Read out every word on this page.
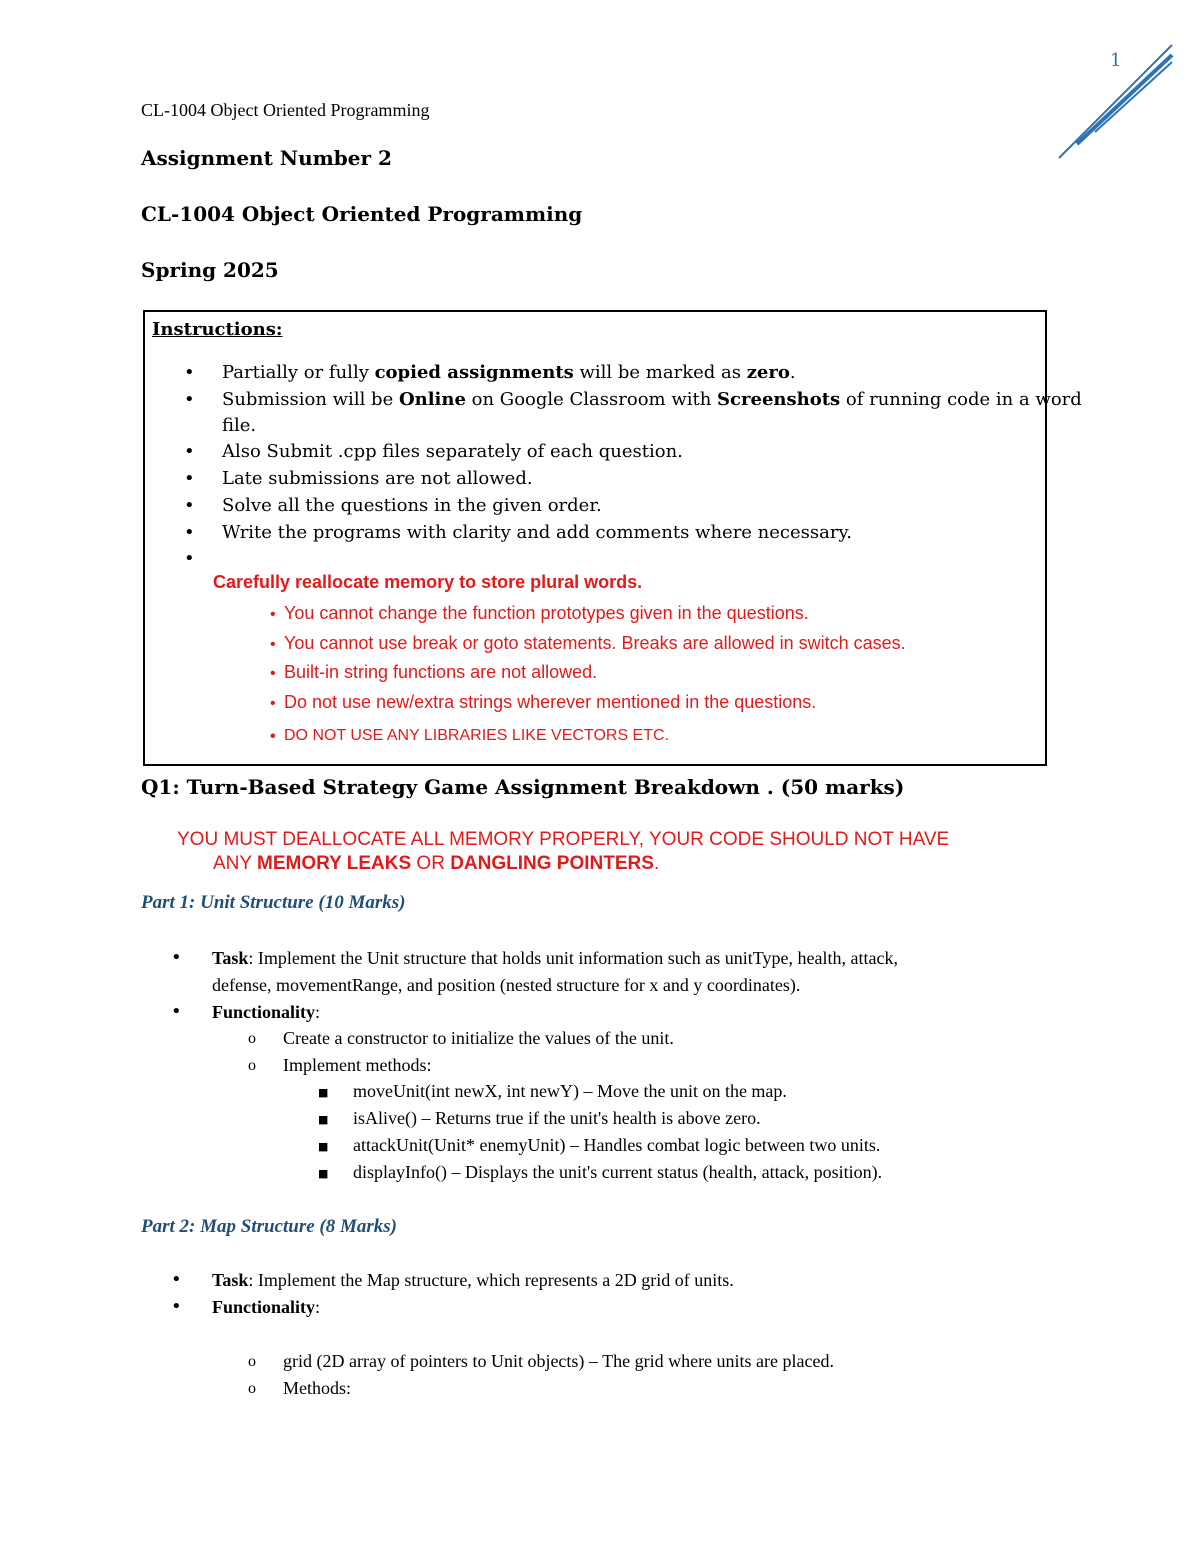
1
CL-1004 Object Oriented Programming
Assignment Number 2
CL-1004 Object Oriented Programming
Spring 2025
Instructions:
• Partially or fully copied assignments will be marked as zero.
• Submission will be Online on Google Classroom with Screenshots of running code in a word
file.
• Also Submit .cpp files separately of each question.
• Late submissions are not allowed.
• Solve all the questions in the given order.
• Write the programs with clarity and add comments where necessary.
•
Carefully reallocate memory to store plural words.
• You cannot change the function prototypes given in the questions.
• You cannot use break or goto statements. Breaks are allowed in switch cases.
• Built-in string functions are not allowed.
• Do not use new/extra strings wherever mentioned in the questions.
• DO NOT USE ANY LIBRARIES LIKE VECTORS ETC.
Q1: Turn-Based Strategy Game Assignment Breakdown . (50 marks)
YOU MUST DEALLOCATE ALL MEMORY PROPERLY, YOUR CODE SHOULD NOT HAVE
ANY MEMORY LEAKS OR DANGLING POINTERS.
Part 1: Unit Structure (10 Marks)
• Task: Implement the Unit structure that holds unit information such as unitType, health, attack,
defense, movementRange, and position (nested structure for x and y coordinates).
• Functionality:
o Create a constructor to initialize the values of the unit.
o Implement methods:
■ moveUnit(int newX, int newY) – Move the unit on the map.
■ isAlive() – Returns true if the unit's health is above zero.
■ attackUnit(Unit* enemyUnit) – Handles combat logic between two units.
■ displayInfo() – Displays the unit's current status (health, attack, position).
Part 2: Map Structure (8 Marks)
• Task: Implement the Map structure, which represents a 2D grid of units.
• Functionality:
o grid (2D array of pointers to Unit objects) – The grid where units are placed.
o Methods:
